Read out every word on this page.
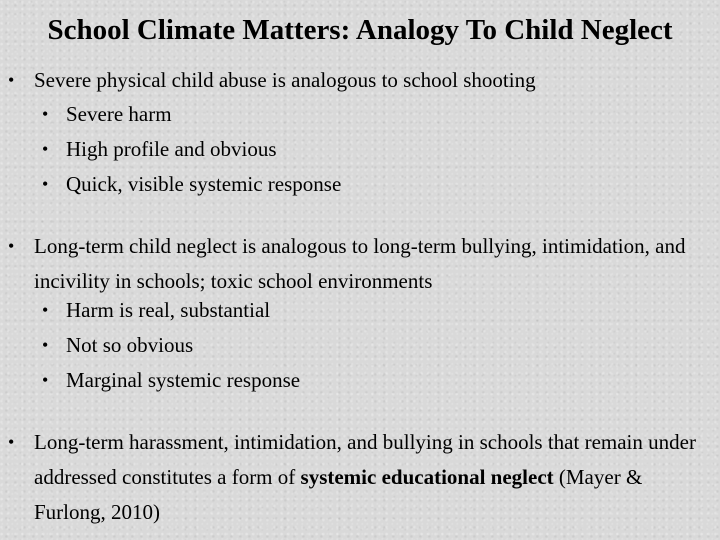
School Climate Matters: Analogy To Child Neglect
• Severe physical child abuse is analogous to school shooting
• Severe harm
• High profile and obvious
• Quick, visible systemic response
• Long-term child neglect is analogous to long-term bullying, intimidation, and incivility in schools; toxic school environments
• Harm is real, substantial
• Not so obvious
• Marginal systemic response
• Long-term harassment, intimidation, and bullying in schools that remain under addressed constitutes a form of systemic educational neglect (Mayer & Furlong, 2010)
